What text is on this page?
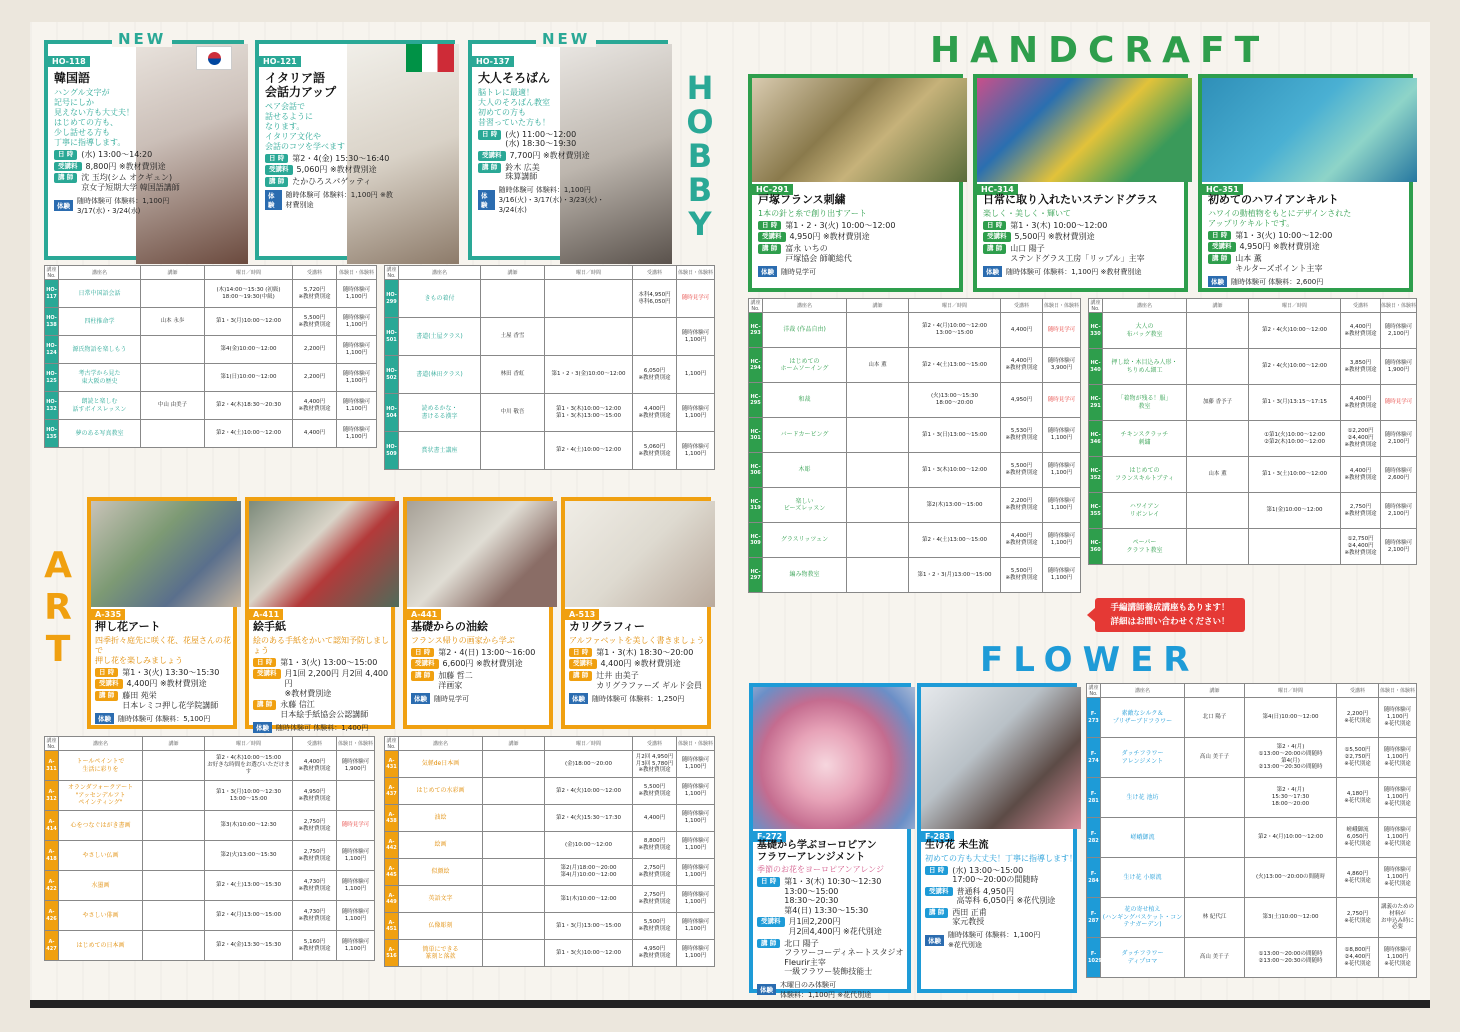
H
O
B
B
Y
A
R
T
HANDCRAFT
FLOWER
HO-118
韓国語
ハングル文字が
記号にしか
見えない方も大丈夫！
はじめての方も、
少し話せる方も
丁寧に指導します。
日 時	(水) 13:00〜14:20
受講料	8,800円 ※教材費別途
講 師	沈 玉均(シム オクギュン)
京女子短期大学 韓国語講師
体験
随時体験可 体験料：1,100円
3/17(水)・3/24(水)
NEW
HO-121
イタリア語
会話力アップ
ペア会話で
話せるように
なります。
イタリア文化や
会話のコツを学べます
日 時	第2・4(金) 15:30〜16:40
受講料	5,060円 ※教材費別途
講 師	たかひろスパゲッティ
体験
随時体験可 体験料：1,100円 ※教材費別途
HO-137
大人そろばん
脳トレに最適！
大人のそろばん教室
初めての方も
昔習っていた方も！
日 時	(火) 11:00〜12:00
(水) 18:30〜19:30
受講料	7,700円 ※教材費別途
講 師	鈴木 広美
珠算講師
体験
随時体験可 体験料：1,100円
3/16(火)・3/17(水)・3/23(火)・3/24(水)
NEW
A-335
押し花アート
四季折々庭先に咲く花、花屋さんの花で
押し花を楽しみましょう
日 時	第1・3(火) 13:30〜15:30
受講料	4,400円 ※教材費別途
講 師	藤田 苑栄
日本レミコ押し花学院講師
体験	随時体験可 体験料：5,100円
A-411
絵手紙
絵のある手紙をかいて認知予防しましょう
日 時	第1・3(火) 13:00〜15:00
受講料	月1回 2,200円 月2回 4,400円
※教材費別途
講 師	永藤 信江
日本絵手紙協会公認講師
体験	随時体験可 体験料：1,400円
A-441
基礎からの油絵
フランス帰りの画家から学ぶ
日 時	第2・4(日) 13:00〜16:00
受講料	6,600円 ※教材費別途
講 師	加藤 哲二
洋画家
体験	随時見学可
A-513
カリグラフィー
アルファベットを美しく書きましょう
日 時	第1・3(木) 18:30〜20:00
受講料	4,400円 ※教材費別途
講 師	辻井 由美子
カリグラファーズ ギルド会員
体験	随時体験可 体験料：1,250円
HC-291
戸塚フランス刺繍
1本の針と糸で創り出すアート
日 時	第1・2・3(火) 10:00〜12:00
受講料	4,950円 ※教材費別途
講 師	富永 いちの
戸塚協会 師範総代
体験	随時見学可
HC-314
日常に取り入れたいステンドグラス
楽しく・美しく・輝いて
日 時	第1・3(木) 10:00〜12:00
受講料	5,500円 ※教材費別途
講 師	山口 陽子
ステンドグラス工房「リップル」主宰
体験	随時体験可 体験料：1,100円 ※教材費別途
HC-351
初めてのハワイアンキルト
ハワイの動植物をもとにデザインされた
アップリケキルトです。
日 時	第1・3(火) 10:00〜12:00
受講料	4,950円 ※教材費別途
講 師	山本 薫
キルターズポイント主宰
体験	随時体験可 体験料：2,600円
F-272
基礎から学ぶヨーロピアン
フラワーアレンジメント
季節のお花をヨーロピアンアレンジ
日 時	第1・3(木) 10:30〜12:30
13:00〜15:00
18:30〜20:30
第4(日) 13:30〜15:30
受講料	月1回2,200円
月2回4,400円 ※花代別途
講 師	北口 陽子
フラワーコーディネートスタジオ
Fleurir主宰
一級フラワー装飾技能士
体験
木曜日のみ体験可
体験料：1,100円 ※花代別途
F-283
生け花 未生流
初めての方も大丈夫！丁寧に指導します！
日 時	(水) 13:00〜15:00
17:00〜20:00の間随時
受講料	普通科 4,950円
高等科 6,050円 ※花代別途
講 師	西田 正甫
家元教授
体験
随時体験可 体験料：1,100円
※花代別途
講座No.	講座名	講師	曜日／時間	受講料	体験日・体験料
HO-117	日常中国語会話		(木)14:00〜15:30 (初級)
18:00〜19:30(中級)	5,720円
※教材費別途	随時体験可
1,100円
HO-138	四柱推命学	山本 永歩	第1・3(月)10:00〜12:00	5,500円
※教材費別途	随時体験可
1,100円
HO-124	源氏物語を楽しもう		第4(金)10:00〜12:00	2,200円	随時体験可
1,100円
HO-125	考古学から見た
東大阪の歴史		第1(日)10:00〜12:00	2,200円	随時体験可
1,100円
HO-132	朗読と楽しむ
話すボイスレッスン	中山 由美子	第2・4(木)18:30〜20:30	4,400円
※教材費別途	随時体験可
1,100円
HO-135	夢のある写真教室		第2・4(土)10:00〜12:00	4,400円	随時体験可
1,100円
講座No.	講座名	講師	曜日／時間	受講料	体験日・体験料
HO-299	きもの着付			本科4,950円
専科6,050円	随時見学可
HO-501	書道(土屋クラス)	土屋 香雪			随時体験可
1,100円
HO-502	書道(林田クラス)	林田 香虹	第1・2・3(金)10:00〜12:00	6,050円
※教材費別途	1,100円
HO-504	読めるかな・
書けるる漢字	中川 敬吾	第1・3(木)10:00〜12:00
第1・3(木)13:00〜15:00	4,400円
※教材費別途	随時体験可
1,100円
HO-509	賞状書士講座		第2・4(土)10:00〜12:00	5,060円
※教材費別途	随時体験可
1,100円
講座No.	講座名	講師	曜日／時間	受講料	体験日・体験料
A-311	トールペイントで
生活に彩りを		第2・4(木)10:00〜15:00
お好きな時間をお選びいただけます	4,400円
※教材費別途	随時体験可
1,900円
A-312	オランダフォークアート
"アッセンデルフト
ペインティング"		第1・3(月)10:00〜12:30
13:00〜15:00	4,950円
※教材費別途	
A-414	心をつなぐはがき書画		第3(木)10:00〜12:30	2,750円
※教材費別途	随時見学可
A-418	やさしい仏画		第2(火)13:00〜15:30	2,750円
※教材費別途	随時体験可
1,100円
A-422	水墨画		第2・4(土)13:00〜15:30	4,730円
※教材費別途	随時体験可
1,100円
A-426	やさしい俳画		第2・4(月)13:00〜15:00	4,730円
※教材費別途	随時体験可
1,100円
A-427	はじめての日本画		第2・4(金)13:30〜15:30	5,160円
※教材費別途	随時体験可
1,100円
講座No.	講座名	講師	曜日／時間	受講料	体験日・体験料
A-431	気軽de日本画		(金)18:00〜20:00	月2回 4,950円
月3回 5,780円
※教材費別途	随時体験可
1,100円
A-437	はじめての水彩画		第2・4(火)10:00〜12:00	5,500円
※教材費別途	随時体験可
1,100円
A-438	油絵		第2・4(火)15:30〜17:30	4,400円	随時体験可
1,100円
A-442	絵画		(金)10:00〜12:00	8,800円
※教材費別途	随時体験可
1,100円
A-445	似顔絵		第2(月)18:00〜20:00
第4(月)10:00〜12:00	2,750円
※教材費別途	随時体験可
1,100円
A-449	英語文字		第1(木)10:00〜12:00	2,750円
※教材費別途	随時体験可
1,100円
A-451	仏像彫刻		第1・3(月)13:00〜15:00	5,500円
※教材費別途	随時体験可
1,100円
A-516	簡単にできる
篆刻と落款		第1・3(火)10:00〜12:00	4,950円
※教材費別途	随時体験可
1,100円
講座No.	講座名	講師	曜日／時間	受講料	体験日・体験料
HC-293	洋裁 (作品自由)		第2・4(月)10:00〜12:00
13:00〜15:00	4,400円	随時見学可
HC-294	はじめての
ホームソーイング	山本 薫	第2・4(土)13:00〜15:00	4,400円
※教材費別途	随時体験可
3,900円
HC-295	和裁		(火)13:00〜15:30
18:00〜20:00	4,950円	随時見学可
HC-301	バードカービング		第1・3(日)13:00〜15:00	5,530円
※教材費別途	随時体験可
1,100円
HC-306	木彫		第1・3(木)10:00〜12:00	5,500円
※教材費別途	随時体験可
1,100円
HC-319	楽しい
ビーズレッスン		第2(木)13:00〜15:00	2,200円
※教材費別途	随時体験可
1,100円
HC-309	グラスリッツェン		第2・4(土)13:00〜15:00	4,400円
※教材費別途	随時体験可
1,100円
HC-297	編み物教室		第1・2・3(月)13:00〜15:00	5,500円
※教材費別途	随時体験可
1,100円
講座No.	講座名	講師	曜日／時間	受講料	体験日・体験料
HC-330	大人の
布バッグ教室		第2・4(火)10:00〜12:00	4,400円
※教材費別途	随時体験可
2,100円
HC-340	押し絵・木目込み人形・
ちりめん細工		第2・4(火)10:00〜12:00	3,850円
※教材費別途	随時体験可
1,900円
HC-291	「着物が残る！服」
教室	加藤 香予子	第1・3(月)13:15〜17:15	4,400円
※教材費別途	随時見学可
HC-346	チキンスクラッチ
刺繍		①第1(火)10:00〜12:00
②第2(木)10:00〜12:00	①2,200円
②4,400円
※教材費別途	随時体験可
2,100円
HC-352	はじめての
フランスキルトブティ	山本 薫	第1・3(土)10:00〜12:00	4,400円
※教材費別途	随時体験可
2,600円
HC-355	ハワイアン
リボンレイ		第1(金)10:00〜12:00	2,750円
※教材費別途	随時体験可
2,100円
HC-360	ペーパー
クラフト教室			①2,750円
②4,400円
※教材費別途	随時体験可
2,100円
講座No.	講座名	講師	曜日／時間	受講料	体験日・体験料
F-273	素敵なシルク＆
プリザーブドフラワー	北口 陽子	第4(日)10:00〜12:00	2,200円
※花代別途	随時体験可
1,100円
※花代別途
F-274	ダッチフラワー
アレンジメント	高山 美千子	第2・4(月)
①13:00〜20:00の間随時
第4(月)
②13:00〜20:30の間随時	①5,500円
②2,750円
※花代別途	随時体験可
1,100円
※花代別途
F-281	生け花 池坊		第2・4(月)
15:30〜17:30
18:00〜20:00	4,180円
※花代別途	随時体験可
1,100円
※花代別途
F-282	嵯峨御流		第2・4(月)10:00〜12:00	嵯峨御流 6,050円
※花代別途	随時体験可
1,100円
※花代別途
F-284	生け花 小原流		(火)13:00〜20:00の間随時	4,860円
※花代別途	随時体験可
1,100円
※花代別途
F-287	花の寄せ植え
(ハンギングバスケット・コンテナガーデン)	林 紀代江	第3(土)10:00〜12:00	2,750円
※花代別途	講義のための材料が
お申込み時に必要
F-1029	ダッチフラワー
ディプロマ	高山 美千子	①13:00〜20:00の間随時
②13:00〜20:30の間随時	①8,800円
②4,400円
※花代別途	随時体験可
1,100円
※花代別途
手編講師養成講座もあります！
詳細はお問い合わせください！
